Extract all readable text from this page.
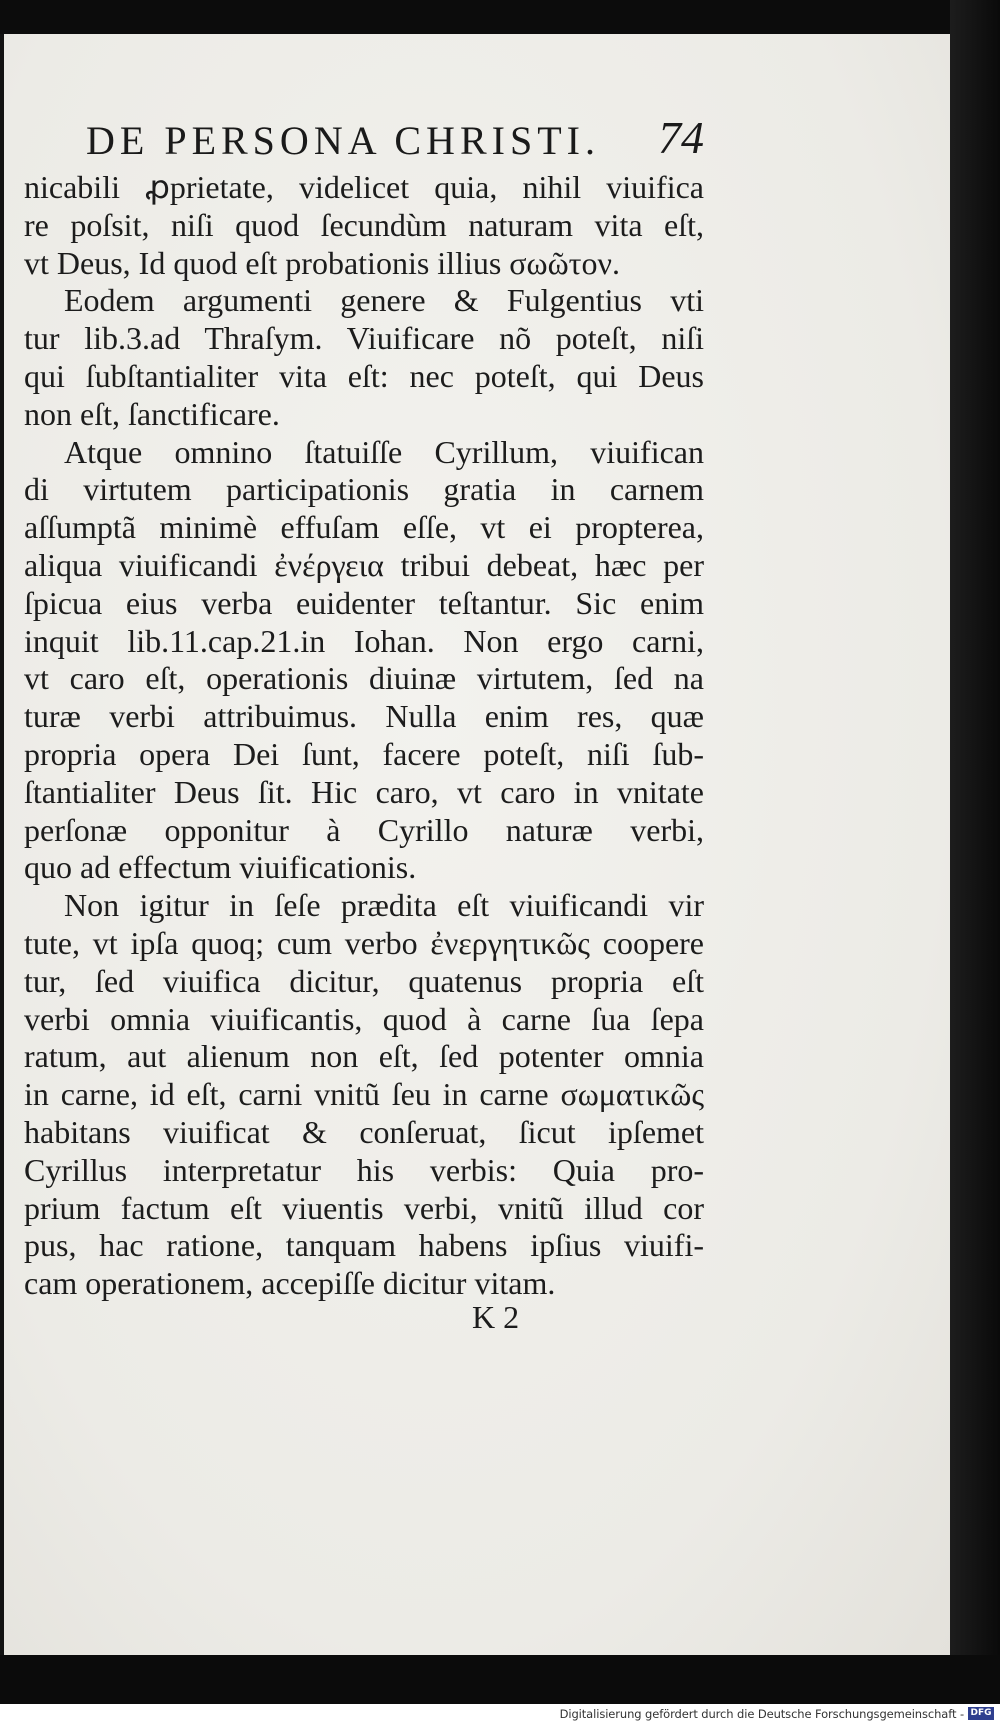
DE PERSONA CHRISTI. 74
nicabili ꝓprietate, videlicet quia, nihil viuifica
re poſsit, niſi quod ſecundùm naturam vita eſt,
vt Deus, Id quod eſt probationis illius σωῶτον.
Eodem argumenti genere & Fulgentius vti
tur lib.3.ad Thraſym. Viuificare nõ poteſt, niſi
qui ſubſtantialiter vita eſt: nec poteſt, qui Deus
non eſt, ſanctificare.
Atque omnino ſtatuiſſe Cyrillum, viuifican
di virtutem participationis gratia in carnem
aſſumptã minimè effuſam eſſe, vt ei propterea,
aliqua viuificandi ἐνέργεια tribui debeat, hæc per
ſpicua eius verba euidenter teſtantur. Sic enim
inquit lib.11.cap.21.in Iohan. Non ergo carni,
vt caro eſt, operationis diuinæ virtutem, ſed na
turæ verbi attribuimus. Nulla enim res, quæ
propria opera Dei ſunt, facere poteſt, niſi ſub-
ſtantialiter Deus ſit. Hic caro, vt caro in vnitate
perſonæ opponitur à Cyrillo naturæ verbi,
quo ad effectum viuificationis.
Non igitur in ſeſe prædita eſt viuificandi vir
tute, vt ipſa quoq; cum verbo ἐνεργητικῶς coopere
tur, ſed viuifica dicitur, quatenus propria eſt
verbi omnia viuificantis, quod à carne ſua ſepa
ratum, aut alienum non eſt, ſed potenter omnia
in carne, id eſt, carni vnitũ ſeu in carne σωματικῶς
habitans viuificat & conſeruat, ſicut ipſemet
Cyrillus interpretatur his verbis: Quia pro-
prium factum eſt viuentis verbi, vnitũ illud cor
pus, hac ratione, tanquam habens ipſius viuifi-
cam operationem, accepiſſe dicitur vitam.
K 2
Digitalisierung gefördert durch die Deutsche Forschungsgemeinschaft - DFG
